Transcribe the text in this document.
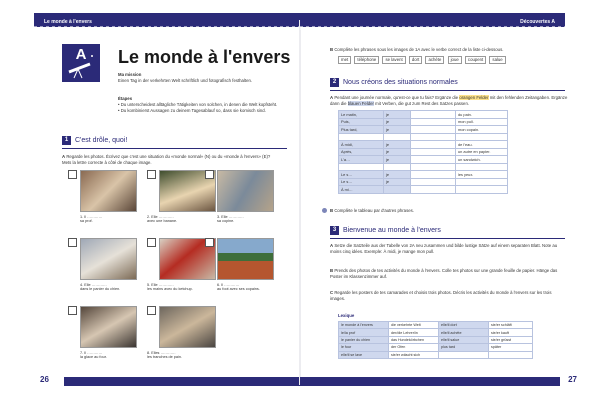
Le monde à l'envers
A	Le monde à l'envers
Ma mission
Einen Tag in der verkehrten Welt schriftlich und fotografisch festhalten.
Étapes
• Du unterscheidest alltägliche Tätigkeiten von solchen, in denen die Welt kopfsteht.
• Du kombinierst Aussagen zu deinem Tagesablauf so, dass sie komisch sind.
1 C'est drôle, quoi!
A Regarde les photos. Écrivez que c'est une situation du «monde normal» (N) ou du «monde à l'envers» (E)? Mets la lettre correcte à côté de chaque image.
1. Il …………
sa prof.
2. Elle …………
avec une banane.
3. Elle …………
sa copine.
4. Elle …………
dans le panier du chien.
5. Elle …………
les mains avec du ketchup.
6. Il …………
au foot avec ses copains.
7. Il …………
la glace au four.
8. Elles …………
les tranches de pain.
26
Découvertes A
B Complète les phrases sous les images de 1A avec le verbe correct de la liste ci-dessous.
met téléphone se lavent dort achète joue coupent salue
2 Nous créons des situations normales
A Pendant une journée normale, qu'est-ce que tu fais? Ergänze die orangen Felder mit den fehlenden Zeitangaben. Ergänze dann die blauen Felder mit Verben, die gut zum Rest des Satzes passen.
Le matin,	je		du pain.
Puis,	je		mon pull.
Plus tard,	je		mon copain.

À midi,	je		de l'eau.
Après,	je		un autre en papier.
L'a…	je		un sandwich.

Le s…	je		les yeux.
Le s…	je		
À mi…			
B Complète le tableau par d'autres phrases.
3 Bienvenue au monde à l'envers
A Setze die Satzteile aus der Tabelle von 2A neu zusammen und bilde lustige Sätze auf einem separaten Blatt. Note au moins cinq idées. Exemple: À midi, je mange mon pull.
B Prends des photos de tes activités du monde à l'envers. Colle tes photos sur une grande feuille de papier. Hänge das Poster im Klassenzimmer auf.
C Regarde les posters de tes camarades et choisis trois photos. Décris les activités du monde à l'envers sur les trois images.
Lexique
le monde à l'envers	die verkehrte Welt	elle/il dort	sie/er schläft
le/la prof	der/die Lehrer/in	elle/il achète	sie/er kauft
le panier du chien	das Hundekörbchen	elle/il salue	sie/er grüsst
le four	der Ofen	plus tard	später
elle/il se lave	sie/er wäscht sich		
27
